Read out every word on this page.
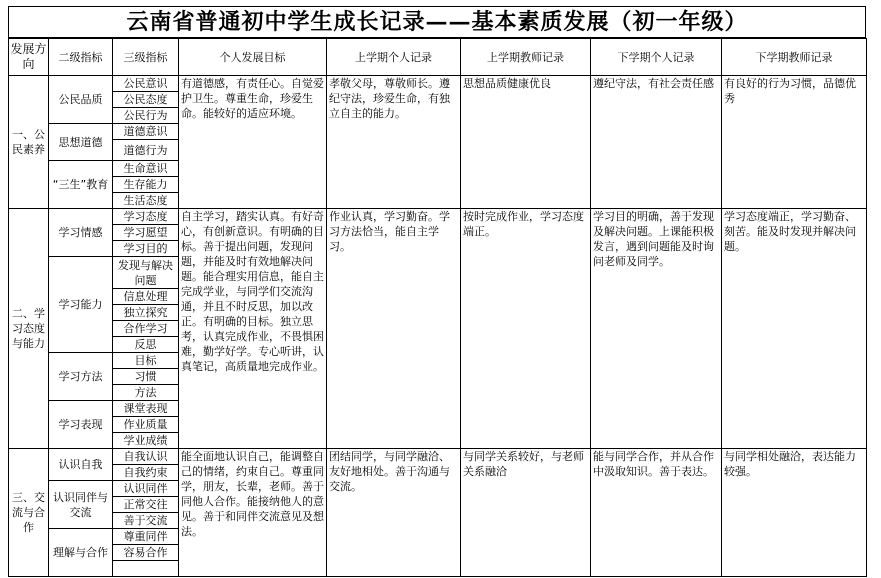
云南省普通初中学生成长记录——基本素质发展（初一年级）
发展方向	二级指标	三级指标	个人发展目标	上学期个人记录	上学期教师记录	下学期个人记录	下学期教师记录
一、公民素养	公民品质	公民意识	有道德感，有责任心。自觉爱护卫生。尊重生命，珍爱生命。能较好的适应环境。	孝敬父母，尊敬师长。遵纪守法，珍爱生命，有独立自主的能力。	思想品质健康优良	遵纪守法，有社会责任感	有良好的行为习惯，品德优秀

		公民态度					
		公民行为					
	思想道德	道德意识					
		道德行为					
	“三生”教育	生命意识					
		生存能力					
		生活态度					
二、学习态度与能力	学习情感	学习态度	自主学习，踏实认真。有好奇心，有创新意识。有明确的目标。善于提出问题，发现问题，并能及时有效地解决问题。能合理实用信息，能自主完成学业，与同学们交流沟通，并且不时反思，加以改正。有明确的目标。独立思考，认真完成作业，不畏惧困难，勤学好学。专心听讲，认真笔记，高质量地完成作业。	作业认真，学习勤奋。学习方法恰当，能自主学习。	按时完成作业，学习态度端正。	学习目的明确，善于发现及解决问题。上课能积极发言，遇到问题能及时询问老师及同学。	学习态度端正，学习勤奋、刻苦。能及时发现并解决问题。

		学习愿望					
		学习目的					
	学习能力	发现与解决问题					
		信息处理					
		独立探究					
		合作学习					
		反思					
	学习方法	目标					
		习惯					
		方法					
	学习表现	课堂表现					
		作业质量					
		学业成绩					
三、交流与合作	认识自我	自我认识	能全面地认识自己，能调整自己的情绪，约束自己。尊重同学，朋友，长辈，老师。善于同他人合作。能接纳他人的意见。善于和同伴交流意见及想法。	团结同学，与同学融洽、友好地相处。善于沟通与交流。	与同学关系较好，与老师关系融洽	能与同学合作，并从合作中汲取知识。善于表达。	与同学相处融洽，表达能力较强。

		自我约束					
	认识同伴与交流	认识同伴					
		正常交往					
		善于交流					
	理解与合作	尊重同伴					
		容易合作					
